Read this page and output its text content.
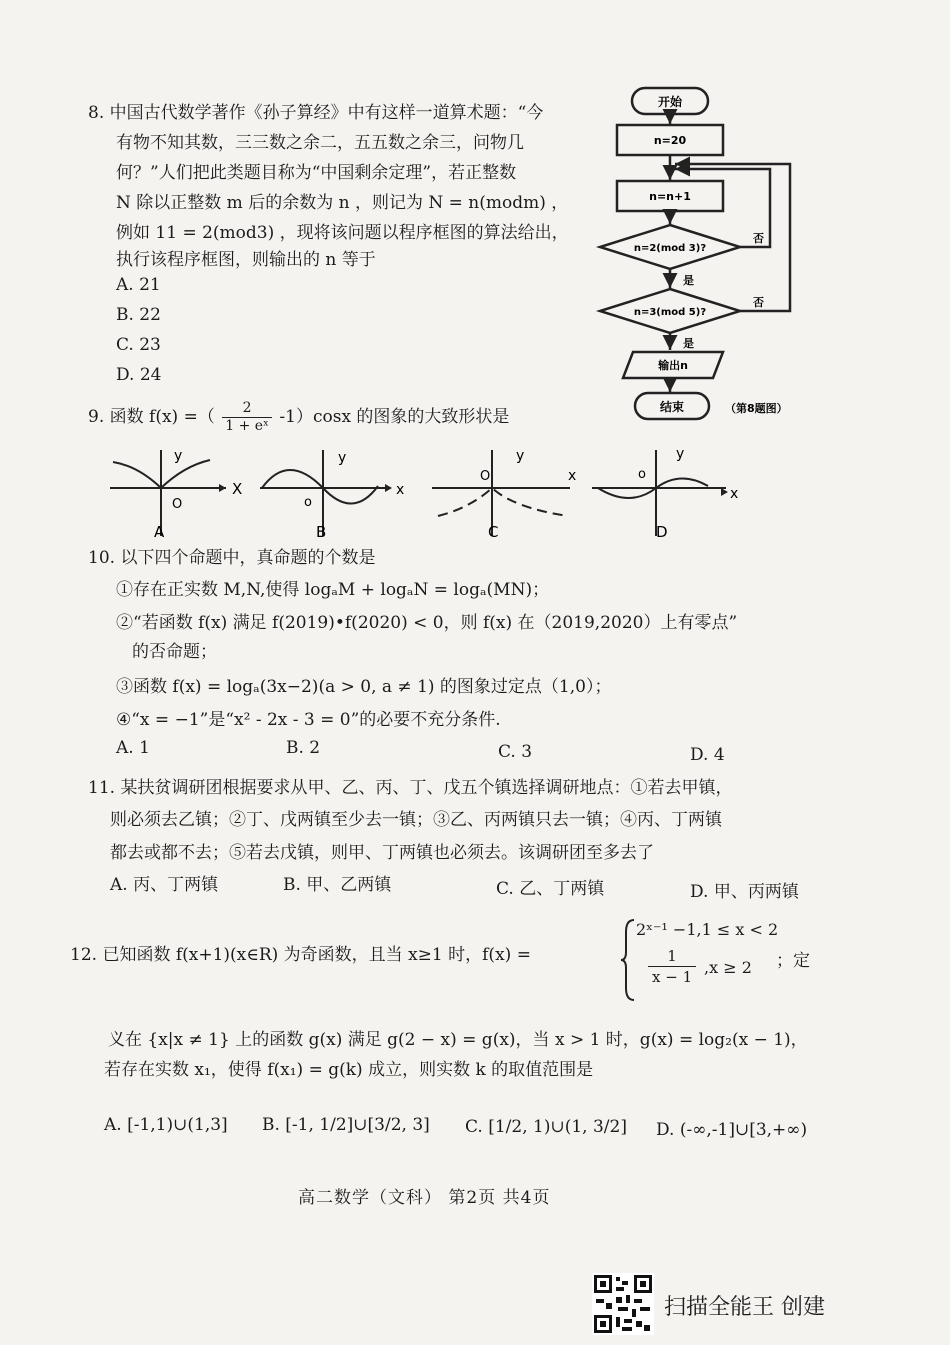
8. 中国古代数学著作《孙子算经》中有这样一道算术题：“今
有物不知其数，三三数之余二，五五数之余三，问物几
何？”人们把此类题目称为“中国剩余定理”，若正整数
N 除以正整数 m 后的余数为 n ，则记为 N = n(modm) ，
例如 11 = 2(mod3) ，现将该问题以程序框图的算法给出，
执行该程序框图，则输出的 n 等于
A. 21
B. 22
C. 23
D. 24
开始
n=20
n=n+1
n=2(mod 3)?
n=3(mod 5)?
输出n
结束
是
是
否
否
（第8题图）
9. 函数 f(x) =（ $\frac{2}{\text{1 + eˣ}} -1)\cos x$ 的图象的大致形状是
y
X
O
A
y
x
o
B
y
x
O
C
y
x
o
D
10. 以下四个命题中，真命题的个数是
①存在正实数 M,N,使得 logₐM + logₐN = logₐ(MN)；
②“若函数 f(x) 满足 f(2019)•f(2020) < 0，则 f(x) 在（2019,2020）上有零点”
的否命题；
③函数 f(x) = logₐ(3x−2)(a > 0, a ≠ 1) 的图象过定点（1,0）；
④“x = −1”是“x² - 2x - 3 = 0”的必要不充分条件.
A. 1	B. 2	C. 3	D. 4
11. 某扶贫调研团根据要求从甲、乙、丙、丁、戊五个镇选择调研地点：①若去甲镇，
则必须去乙镇；②丁、戊两镇至少去一镇；③乙、丙两镇只去一镇；④丙、丁两镇
都去或都不去；⑤若去戊镇，则甲、丁两镇也必须去。该调研团至多去了
A. 丙、丁两镇	B. 甲、乙两镇	C. 乙、丁两镇	D. 甲、丙两镇
12. 已知函数 f(x+1)(x∈R) 为奇函数，且当 x≥1 时，f(x) =
2ˣ⁻¹ −1,1 ≤ x < 2
$\frac{1}{x - 1} ,x \ge 2$ ；定
义在 {x|x ≠ 1} 上的函数 g(x) 满足 g(2 − x) = g(x)，当 x > 1 时，g(x) = log₂(x − 1)，
若存在实数 x₁，使得 f(x₁) = g(k) 成立，则实数 k 的取值范围是
A. [-1,1)∪(1,3] B. [-1, 1/2]∪[3/2, 3] C. [1/2, 1)∪(1, 3/2] D. (-∞,-1]∪[3,+∞)
高二数学（文科） 第2页 共4页
扫描全能王 创建
